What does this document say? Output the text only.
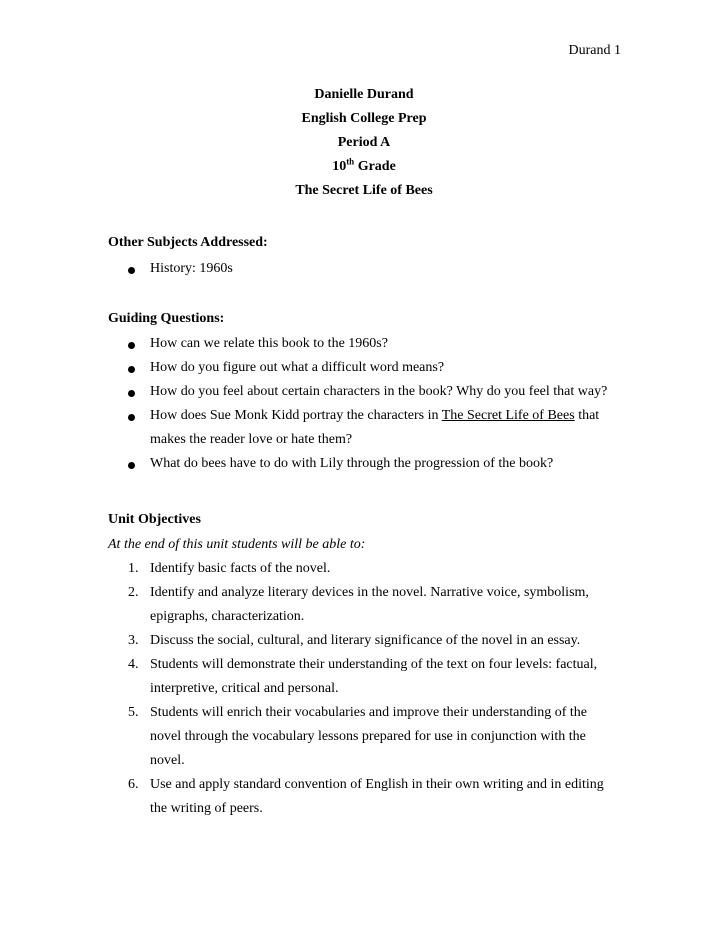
Durand 1
Danielle Durand
English College Prep
Period A
10th Grade
The Secret Life of Bees
Other Subjects Addressed:
History: 1960s
Guiding Questions:
How can we relate this book to the 1960s?
How do you figure out what a difficult word means?
How do you feel about certain characters in the book? Why do you feel that way?
How does Sue Monk Kidd portray the characters in The Secret Life of Bees that
makes the reader love or hate them?
What do bees have to do with Lily through the progression of the book?
Unit Objectives
At the end of this unit students will be able to:
1. Identify basic facts of the novel.
2. Identify and analyze literary devices in the novel. Narrative voice, symbolism,
epigraphs, characterization.
3. Discuss the social, cultural, and literary significance of the novel in an essay.
4. Students will demonstrate their understanding of the text on four levels: factual,
interpretive, critical and personal.
5. Students will enrich their vocabularies and improve their understanding of the
novel through the vocabulary lessons prepared for use in conjunction with the
novel.
6. Use and apply standard convention of English in their own writing and in editing
the writing of peers.
